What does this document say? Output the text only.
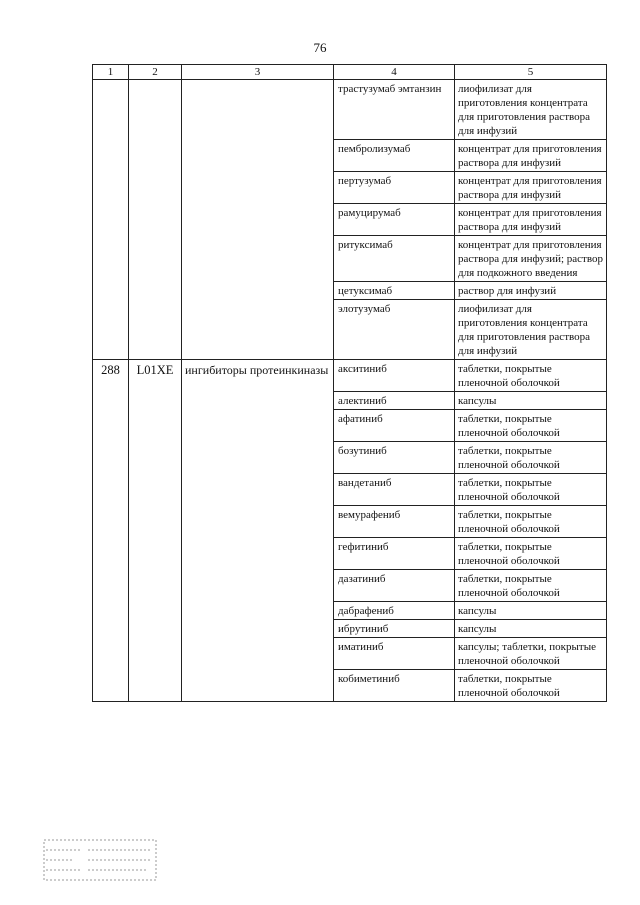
76
1	2	3	4	5
			трастузумаб эмтанзин	лиофилизат для приготовления концентрата для приготовления раствора для инфузий
			пембролизумаб	концентрат для приготовления раствора для инфузий
			пертузумаб	концентрат для приготовления раствора для инфузий
			рамуцирумаб	концентрат для приготовления раствора для инфузий
			ритуксимаб	концентрат для приготовления раствора для инфузий; раствор для подкожного введения
			цетуксимаб	раствор для инфузий
			элотузумаб	лиофилизат для приготовления концентрата для приготовления раствора для инфузий
288	L01XE	ингибиторы протеинкиназы	акситиниб	таблетки, покрытые пленочной оболочкой
			алектиниб	капсулы
			афатиниб	таблетки, покрытые пленочной оболочкой
			бозутиниб	таблетки, покрытые пленочной оболочкой
			вандетаниб	таблетки, покрытые пленочной оболочкой
			вемурафениб	таблетки, покрытые пленочной оболочкой
			гефитиниб	таблетки, покрытые пленочной оболочкой
			дазатиниб	таблетки, покрытые пленочной оболочкой
			дабрафениб	капсулы
			ибрутиниб	капсулы
			иматиниб	капсулы; таблетки, покрытые пленочной оболочкой
			кобиметиниб	таблетки, покрытые пленочной оболочкой
